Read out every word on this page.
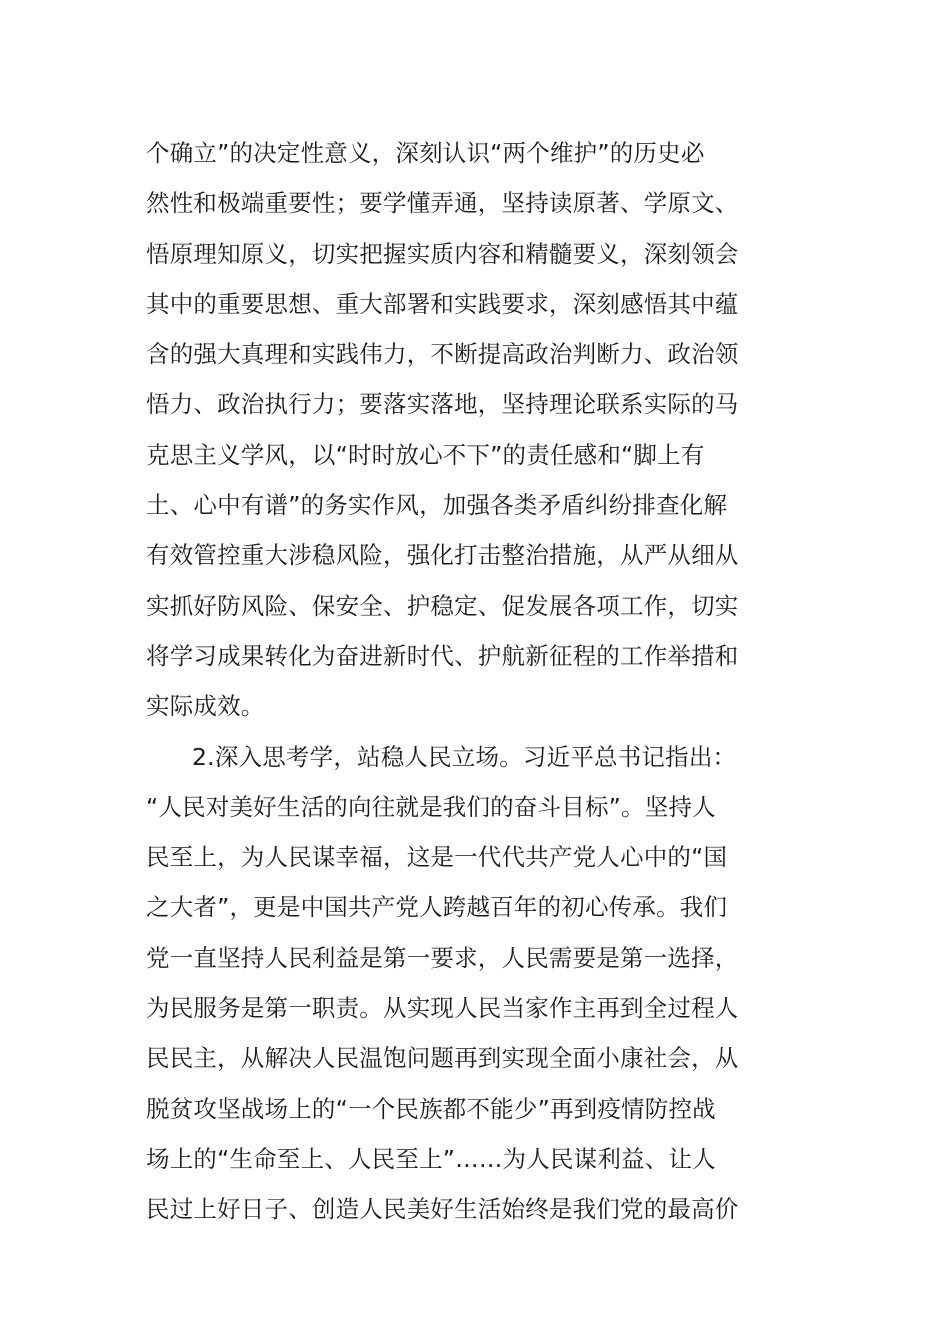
个确立”的决定性意义，深刻认识“两个维护”的历史必
然性和极端重要性；要学懂弄通，坚持读原著、学原文、
悟原理知原义，切实把握实质内容和精髓要义，深刻领会
其中的重要思想、重大部署和实践要求，深刻感悟其中蕴
含的强大真理和实践伟力，不断提高政治判断力、政治领
悟力、政治执行力；要落实落地，坚持理论联系实际的马
克思主义学风，以“时时放心不下”的责任感和“脚上有
土、心中有谱”的务实作风，加强各类矛盾纠纷排查化解
有效管控重大涉稳风险，强化打击整治措施，从严从细从
实抓好防风险、保安全、护稳定、促发展各项工作，切实
将学习成果转化为奋进新时代、护航新征程的工作举措和
实际成效。
2.深入思考学，站稳人民立场。习近平总书记指出：
“人民对美好生活的向往就是我们的奋斗目标”。坚持人
民至上，为人民谋幸福，这是一代代共产党人心中的“国
之大者”，更是中国共产党人跨越百年的初心传承。我们
党一直坚持人民利益是第一要求，人民需要是第一选择，
为民服务是第一职责。从实现人民当家作主再到全过程人
民民主，从解决人民温饱问题再到实现全面小康社会，从
脱贫攻坚战场上的“一个民族都不能少”再到疫情防控战
场上的“生命至上、人民至上”……为人民谋利益、让人
民过上好日子、创造人民美好生活始终是我们党的最高价
